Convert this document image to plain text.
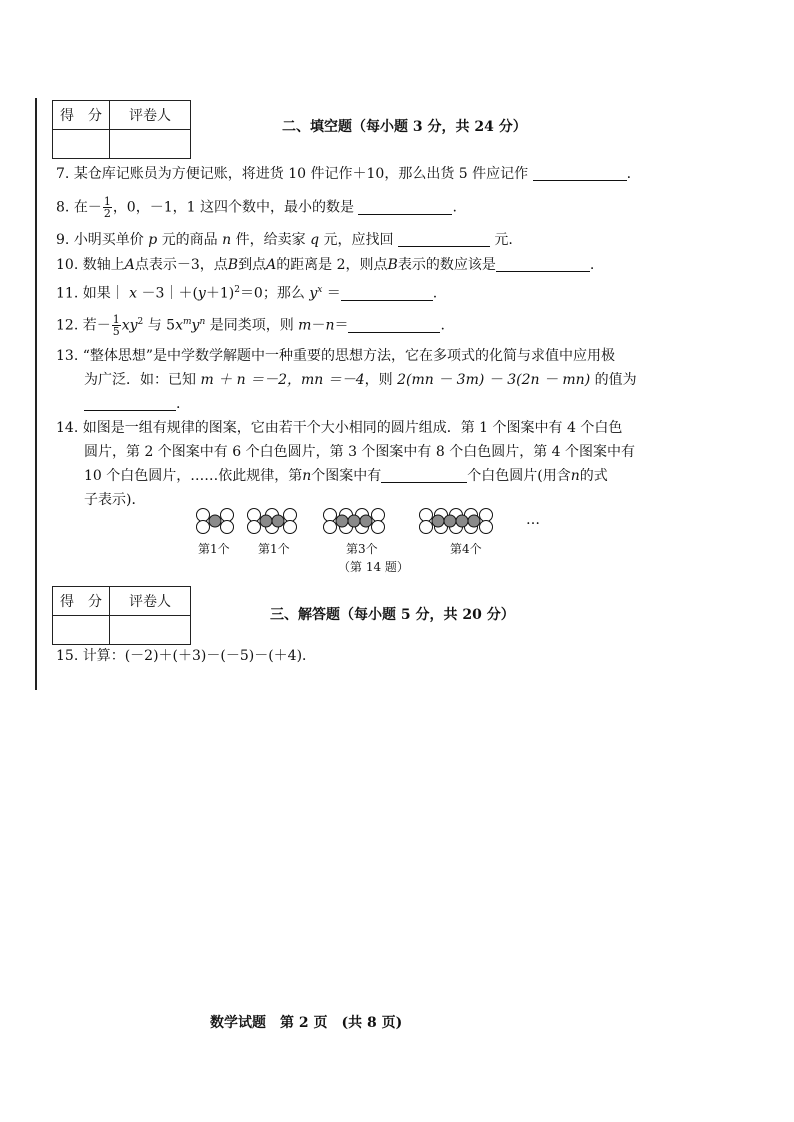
得　分	评卷人

二、填空题（每小题 3 分，共 24 分）
7. 某仓库记账员为方便记账，将进货 10 件记作＋10，那么出货 5 件应记作	.
8. 在－ $\frac{1}{2}$ ，0，－1，1 这四个数中，最小的数是	.
9. 小明买单价 p 元的商品 n 件，给卖家 q 元，应找回	元.
10. 数轴上A点表示－3，点B到点A的距离是 2，则点B表示的数应该是	.
11. 如果｜ $x -3|+(y+1)^2=0$；那么 $y^x$ ＝	.
12. 若－ $\frac{1}{5} xy^2$ 与 $5x^my^n$ 是同类项，则 m－n＝	.
13. “整体思想”是中学数学解题中一种重要的思想方法，它在多项式的化简与求值中应用极
为广泛．如：已知 m ＋ n ＝－2，mn ＝－4，则 2(mn － 3m) － 3(2n － mn) 的值为
.
14. 如图是一组有规律的图案，它由若干个大小相同的圆片组成．第 1 个图案中有 4 个白色
圆片，第 2 个图案中有 6 个白色圆片，第 3 个图案中有 8 个白色圆片，第 4 个图案中有
10 个白色圆片，……依此规律，第n个图案中有	个白色圆片(用含n的式
子表示)．
第1个 第1个	第3个	第4个
…
（第 14 题）
得　分	评卷人

三、解答题（每小题 5 分，共 20 分）
15. 计算：(－2)＋(＋3)－(－5)－(＋4)．
数学试题　第 2 页　(共 8 页)
